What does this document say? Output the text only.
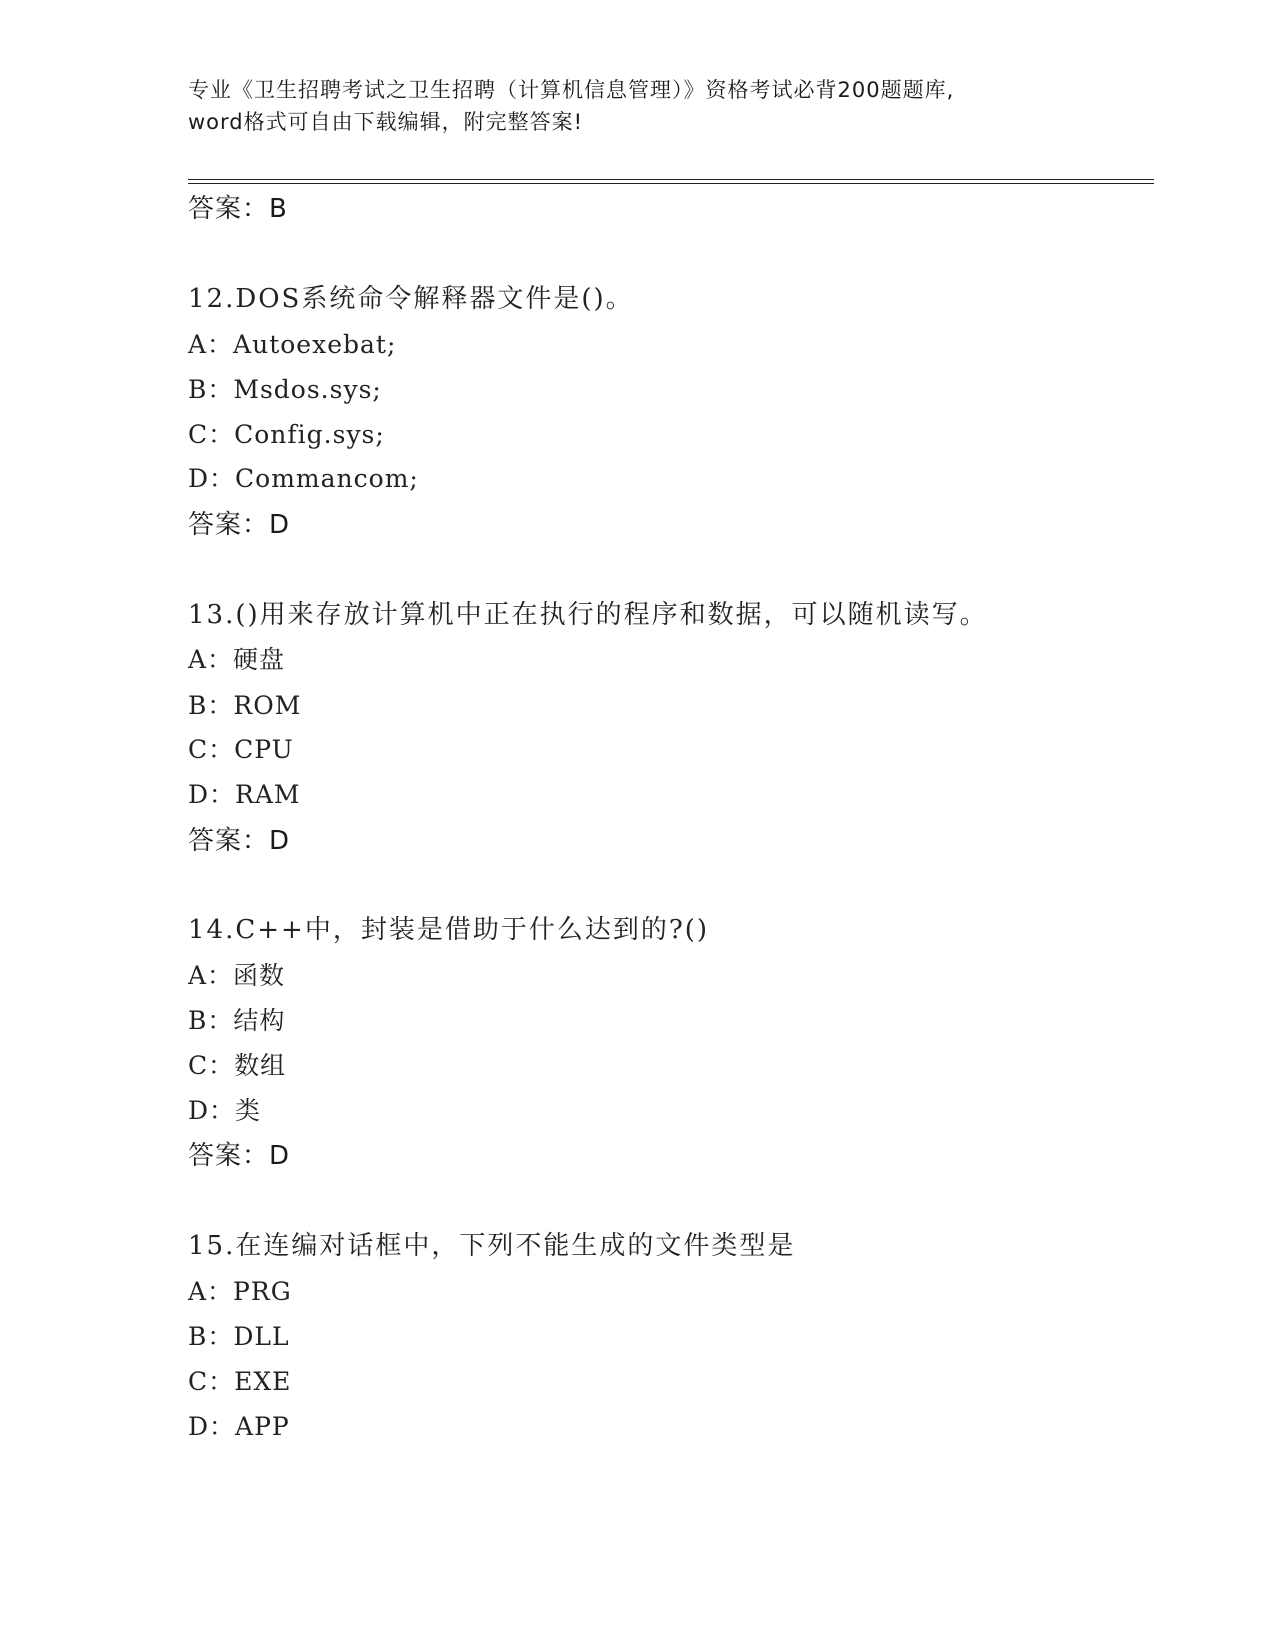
专业《卫生招聘考试之卫生招聘（计算机信息管理）》资格考试必背200题题库,
word格式可自由下载编辑，附完整答案!
答案：B
12.DOS系统命令解释器文件是()。
A：Autoexebat;
B：Msdos.sys;
C：Config.sys;
D：Commancom;
答案：D
13.()用来存放计算机中正在执行的程序和数据，可以随机读写。
A：硬盘
B：ROM
C：CPU
D：RAM
答案：D
14.C++中，封装是借助于什么达到的?()
A：函数
B：结构
C：数组
D：类
答案：D
15.在连编对话框中，下列不能生成的文件类型是
A：PRG
B：DLL
C：EXE
D：APP
